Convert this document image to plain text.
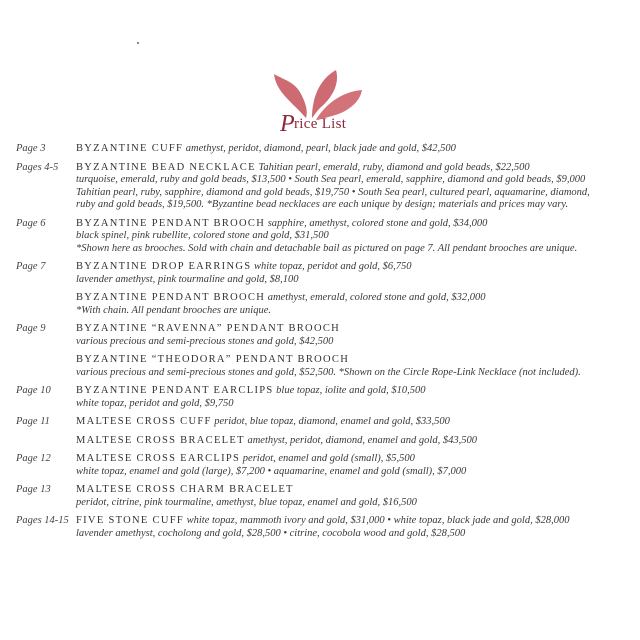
Price List
Page 3	BYZANTINE CUFF amethyst, peridot, diamond, pearl, black jade and gold, $42,500
Pages 4-5 BYZANTINE BEAD NECKLACE Tahitian pearl, emerald, ruby, diamond and gold beads, $22,500
turquoise, emerald, ruby and gold beads, $13,500 • South Sea pearl, emerald, sapphire, diamond and gold beads, $9,000
Tahitian pearl, ruby, sapphire, diamond and gold beads, $19,750 • South Sea pearl, cultured pearl, aquamarine, diamond,
ruby and gold beads, $19,500. *Byzantine bead necklaces are each unique by design; materials and prices may vary.
Page 6	BYZANTINE PENDANT BROOCH sapphire, amethyst, colored stone and gold, $34,000
black spinel, pink rubellite, colored stone and gold, $31,500
*Shown here as brooches. Sold with chain and detachable bail as pictured on page 7. All pendant brooches are unique.
Page 7	BYZANTINE DROP EARRINGS white topaz, peridot and gold, $6,750
lavender amethyst, pink tourmaline and gold, $8,100
BYZANTINE PENDANT BROOCH amethyst, emerald, colored stone and gold, $32,000
*With chain. All pendant brooches are unique.
Page 9	BYZANTINE “RAVENNA” PENDANT BROOCH
various precious and semi-precious stones and gold, $42,500
BYZANTINE “THEODORA” PENDANT BROOCH
various precious and semi-precious stones and gold, $52,500. *Shown on the Circle Rope-Link Necklace (not included).
Page 10 BYZANTINE PENDANT EARCLIPS blue topaz, iolite and gold, $10,500
white topaz, peridot and gold, $9,750
Page 11 MALTESE CROSS CUFF peridot, blue topaz, diamond, enamel and gold, $33,500
MALTESE CROSS BRACELET amethyst, peridot, diamond, enamel and gold, $43,500
Page 12 MALTESE CROSS EARCLIPS peridot, enamel and gold (small), $5,500
white topaz, enamel and gold (large), $7,200 • aquamarine, enamel and gold (small), $7,000
Page 13 MALTESE CROSS CHARM BRACELET
peridot, citrine, pink tourmaline, amethyst, blue topaz, enamel and gold, $16,500
Pages 14-15 FIVE STONE CUFF white topaz, mammoth ivory and gold, $31,000 • white topaz, black jade and gold, $28,000
lavender amethyst, cocholong and gold, $28,500 • citrine, cocobola wood and gold, $28,500
